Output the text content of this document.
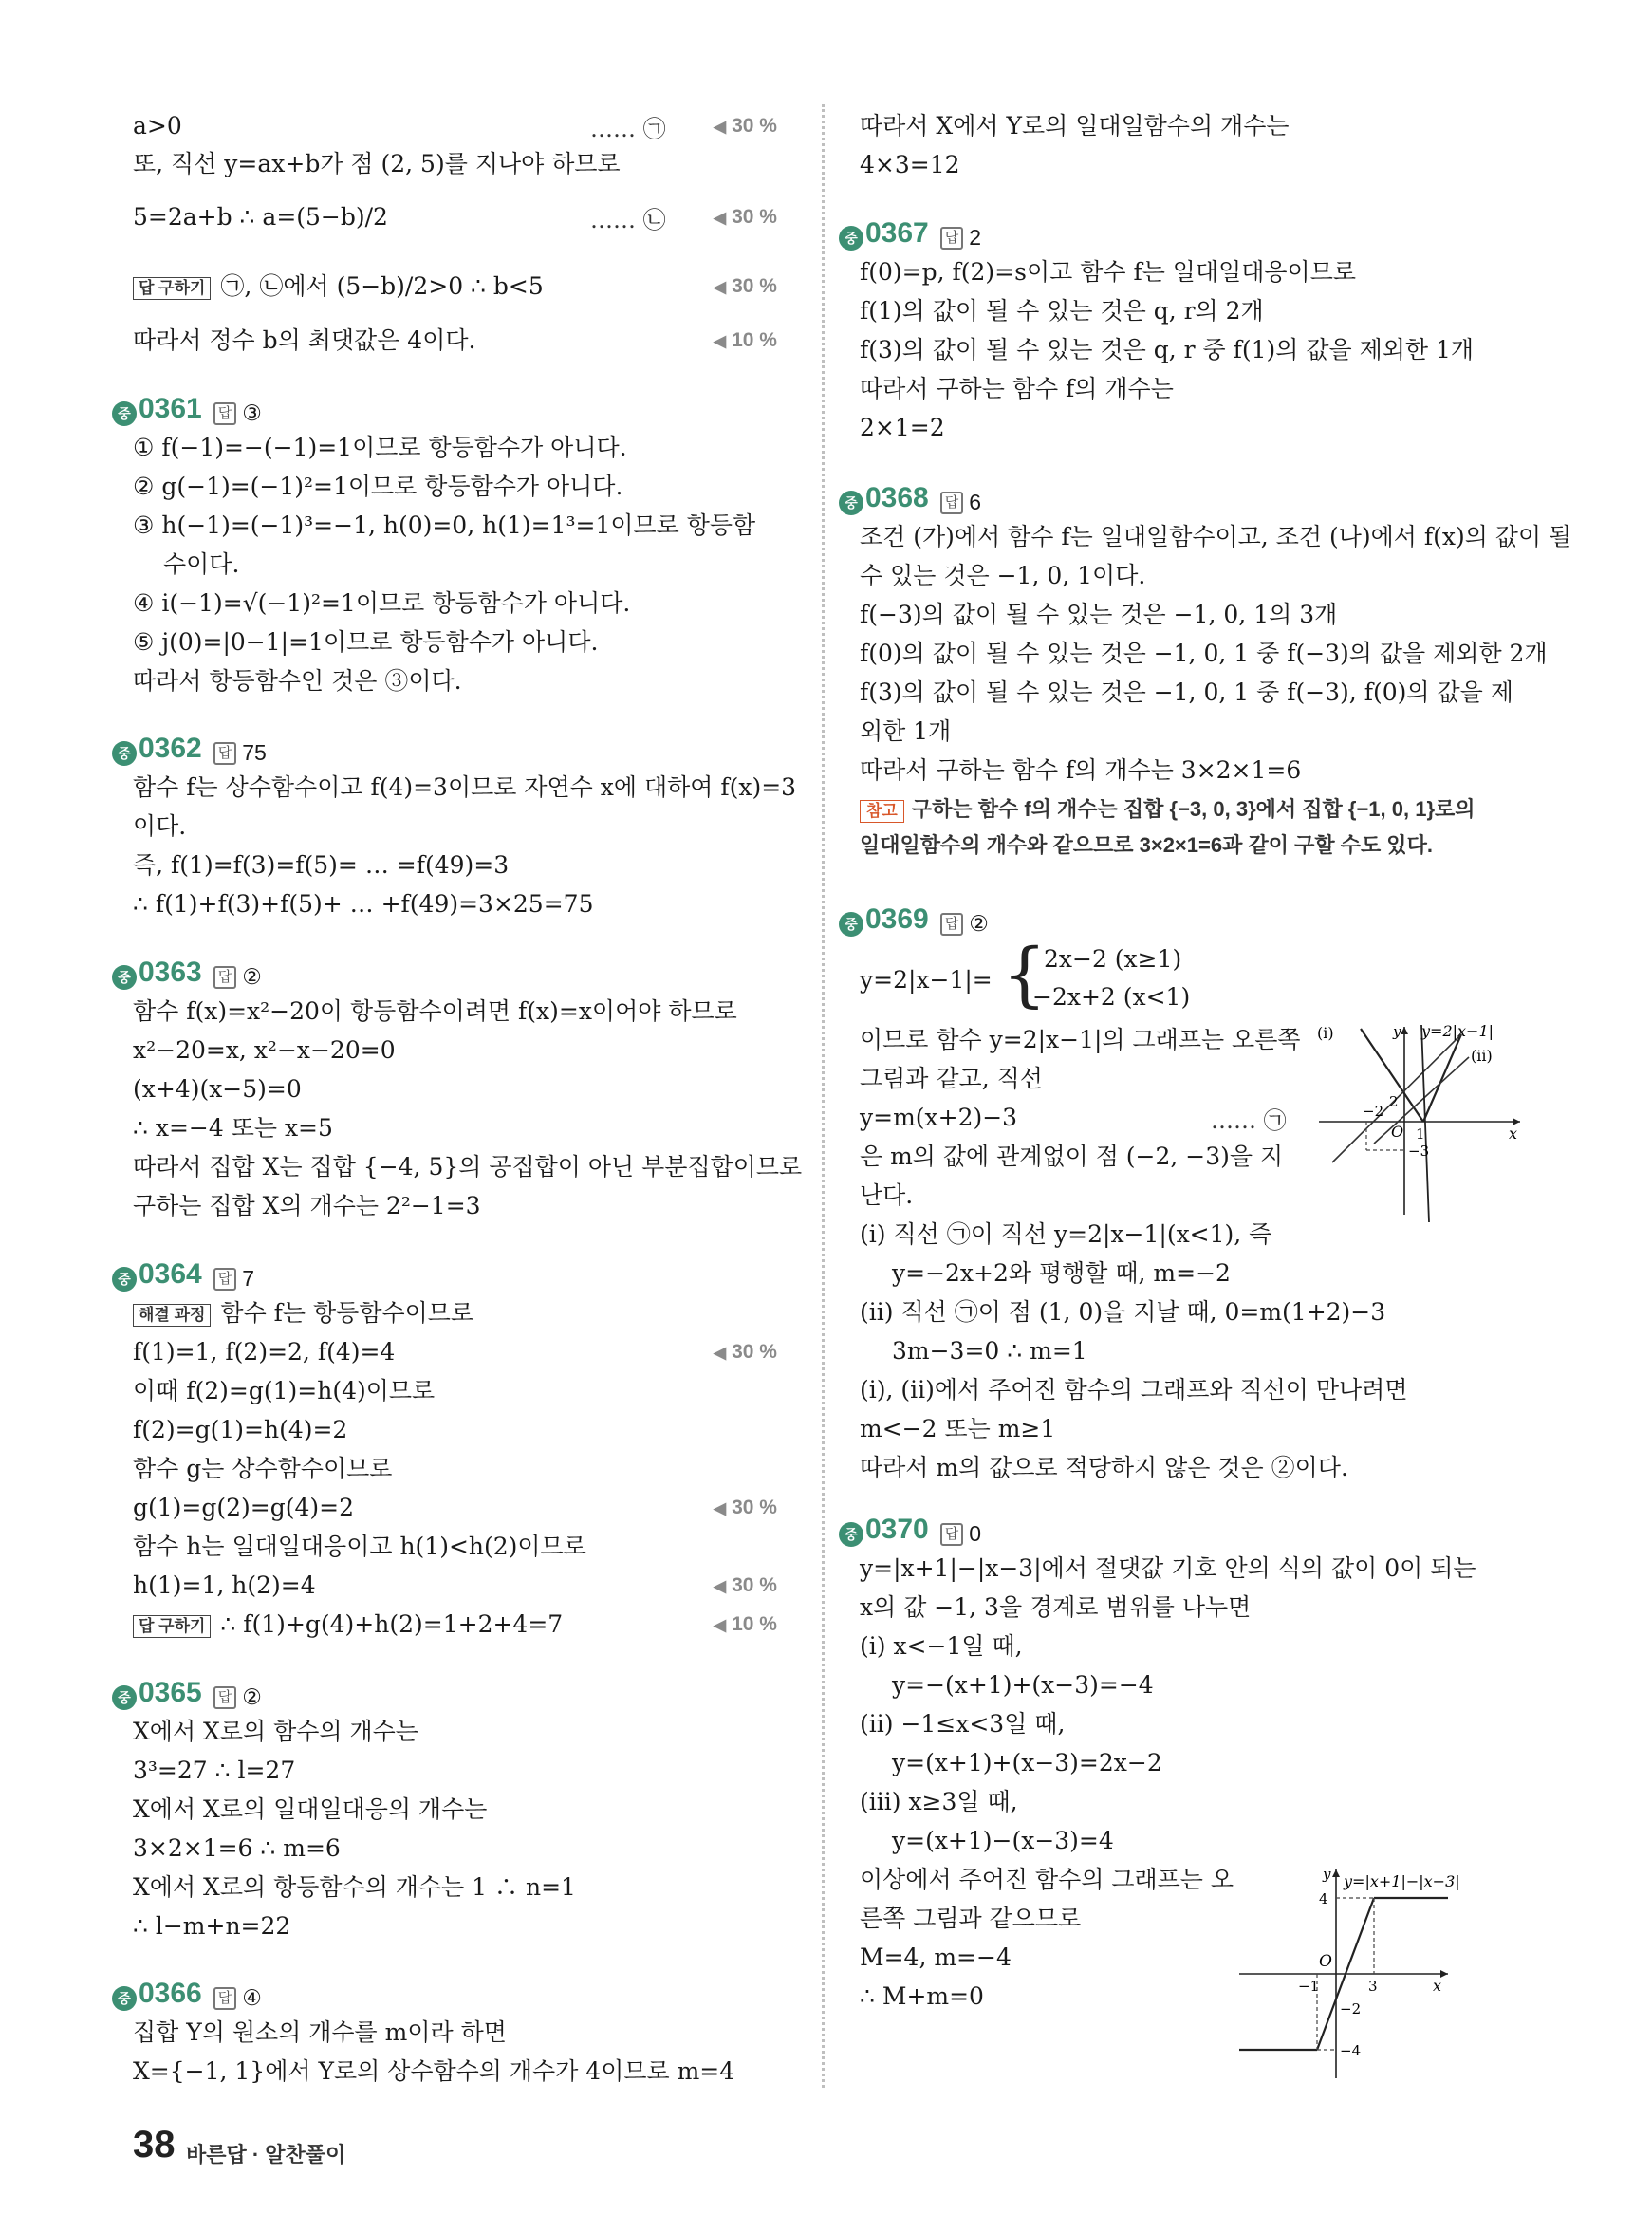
a>0	…… ㉠	◀ 30 %
또, 직선 y=ax+b가 점 (2, 5)를 지나야 하므로
5=2a+b ∴ a=(5−b)/2	…… ㉡	◀ 30 %
답 구하기 ㉠, ㉡에서 (5−b)/2>0 ∴ b<5	◀ 30 %
따라서 정수 b의 최댓값은 4이다.	◀ 10 %
중 0361 답 ③
① f(−1)=−(−1)=1이므로 항등함수가 아니다.
② g(−1)=(−1)²=1이므로 항등함수가 아니다.
③ h(−1)=(−1)³=−1, h(0)=0, h(1)=1³=1이므로 항등함
수이다.
④ i(−1)=√(−1)²=1이므로 항등함수가 아니다.
⑤ j(0)=|0−1|=1이므로 항등함수가 아니다.
따라서 항등함수인 것은 ③이다.
중 0362 답 75
함수 f는 상수함수이고 f(4)=3이므로 자연수 x에 대하여 f(x)=3
이다.
즉, f(1)=f(3)=f(5)= … =f(49)=3
∴ f(1)+f(3)+f(5)+ … +f(49)=3×25=75
중 0363 답 ②
함수 f(x)=x²−20이 항등함수이려면 f(x)=x이어야 하므로
x²−20=x, x²−x−20=0
(x+4)(x−5)=0
∴ x=−4 또는 x=5
따라서 집합 X는 집합 {−4, 5}의 공집합이 아닌 부분집합이므로
구하는 집합 X의 개수는 2²−1=3
중 0364 답 7
해결 과정 함수 f는 항등함수이므로
f(1)=1, f(2)=2, f(4)=4	◀ 30 %
이때 f(2)=g(1)=h(4)이므로
f(2)=g(1)=h(4)=2
함수 g는 상수함수이므로
g(1)=g(2)=g(4)=2	◀ 30 %
함수 h는 일대일대응이고 h(1)<h(2)이므로
h(1)=1, h(2)=4	◀ 30 %
답 구하기 ∴ f(1)+g(4)+h(2)=1+2+4=7	◀ 10 %
중 0365 답 ②
X에서 X로의 함수의 개수는
3³=27 ∴ l=27
X에서 X로의 일대일대응의 개수는
3×2×1=6 ∴ m=6
X에서 X로의 항등함수의 개수는 1 ∴ n=1
∴ l−m+n=22
중 0366 답 ④
집합 Y의 원소의 개수를 m이라 하면
X={−1, 1}에서 Y로의 상수함수의 개수가 4이므로 m=4
따라서 X에서 Y로의 일대일함수의 개수는
4×3=12
중 0367 답 2
f(0)=p, f(2)=s이고 함수 f는 일대일대응이므로
f(1)의 값이 될 수 있는 것은 q, r의 2개
f(3)의 값이 될 수 있는 것은 q, r 중 f(1)의 값을 제외한 1개
따라서 구하는 함수 f의 개수는
2×1=2
중 0368 답 6
조건 (가)에서 함수 f는 일대일함수이고, 조건 (나)에서 f(x)의 값이 될
수 있는 것은 −1, 0, 1이다.
f(−3)의 값이 될 수 있는 것은 −1, 0, 1의 3개
f(0)의 값이 될 수 있는 것은 −1, 0, 1 중 f(−3)의 값을 제외한 2개
f(3)의 값이 될 수 있는 것은 −1, 0, 1 중 f(−3), f(0)의 값을 제
외한 1개
따라서 구하는 함수 f의 개수는 3×2×1=6
참고 구하는 함수 f의 개수는 집합 {−3, 0, 3}에서 집합 {−1, 0, 1}로의
일대일함수의 개수와 같으므로 3×2×1=6과 같이 구할 수도 있다.
중 0369 답 ②
y=2|x−1|= {
2x−2 (x≥1)
−2x+2 (x<1)
이므로 함수 y=2|x−1|의 그래프는 오른쪽
그림과 같고, 직선
y=m(x+2)−3	…… ㉠
은 m의 값에 관계없이 점 (−2, −3)을 지
난다.
(i) 직선 ㉠이 직선 y=2|x−1|(x<1), 즉
y=−2x+2와 평행할 때, m=−2
(ii) 직선 ㉠이 점 (1, 0)을 지날 때, 0=m(1+2)−3
3m−3=0 ∴ m=1
(i), (ii)에서 주어진 함수의 그래프와 직선이 만나려면
m<−2 또는 m≥1
따라서 m의 값으로 적당하지 않은 것은 ②이다.
(i)	y y=2|x−1|
(ii)
x
O 1
2
−2
−3
중 0370 답 0
y=|x+1|−|x−3|에서 절댓값 기호 안의 식의 값이 0이 되는
x의 값 −1, 3을 경계로 범위를 나누면
(i) x<−1일 때,
y=−(x+1)+(x−3)=−4
(ii) −1≤x<3일 때,
y=(x+1)+(x−3)=2x−2
(iii) x≥3일 때,
y=(x+1)−(x−3)=4
이상에서 주어진 함수의 그래프는 오
른쪽 그림과 같으므로
M=4, m=−4
∴ M+m=0
y y=|x+1|−|x−3|
4
O
−1	3	x
−2
−4
38 바른답 · 알찬풀이
